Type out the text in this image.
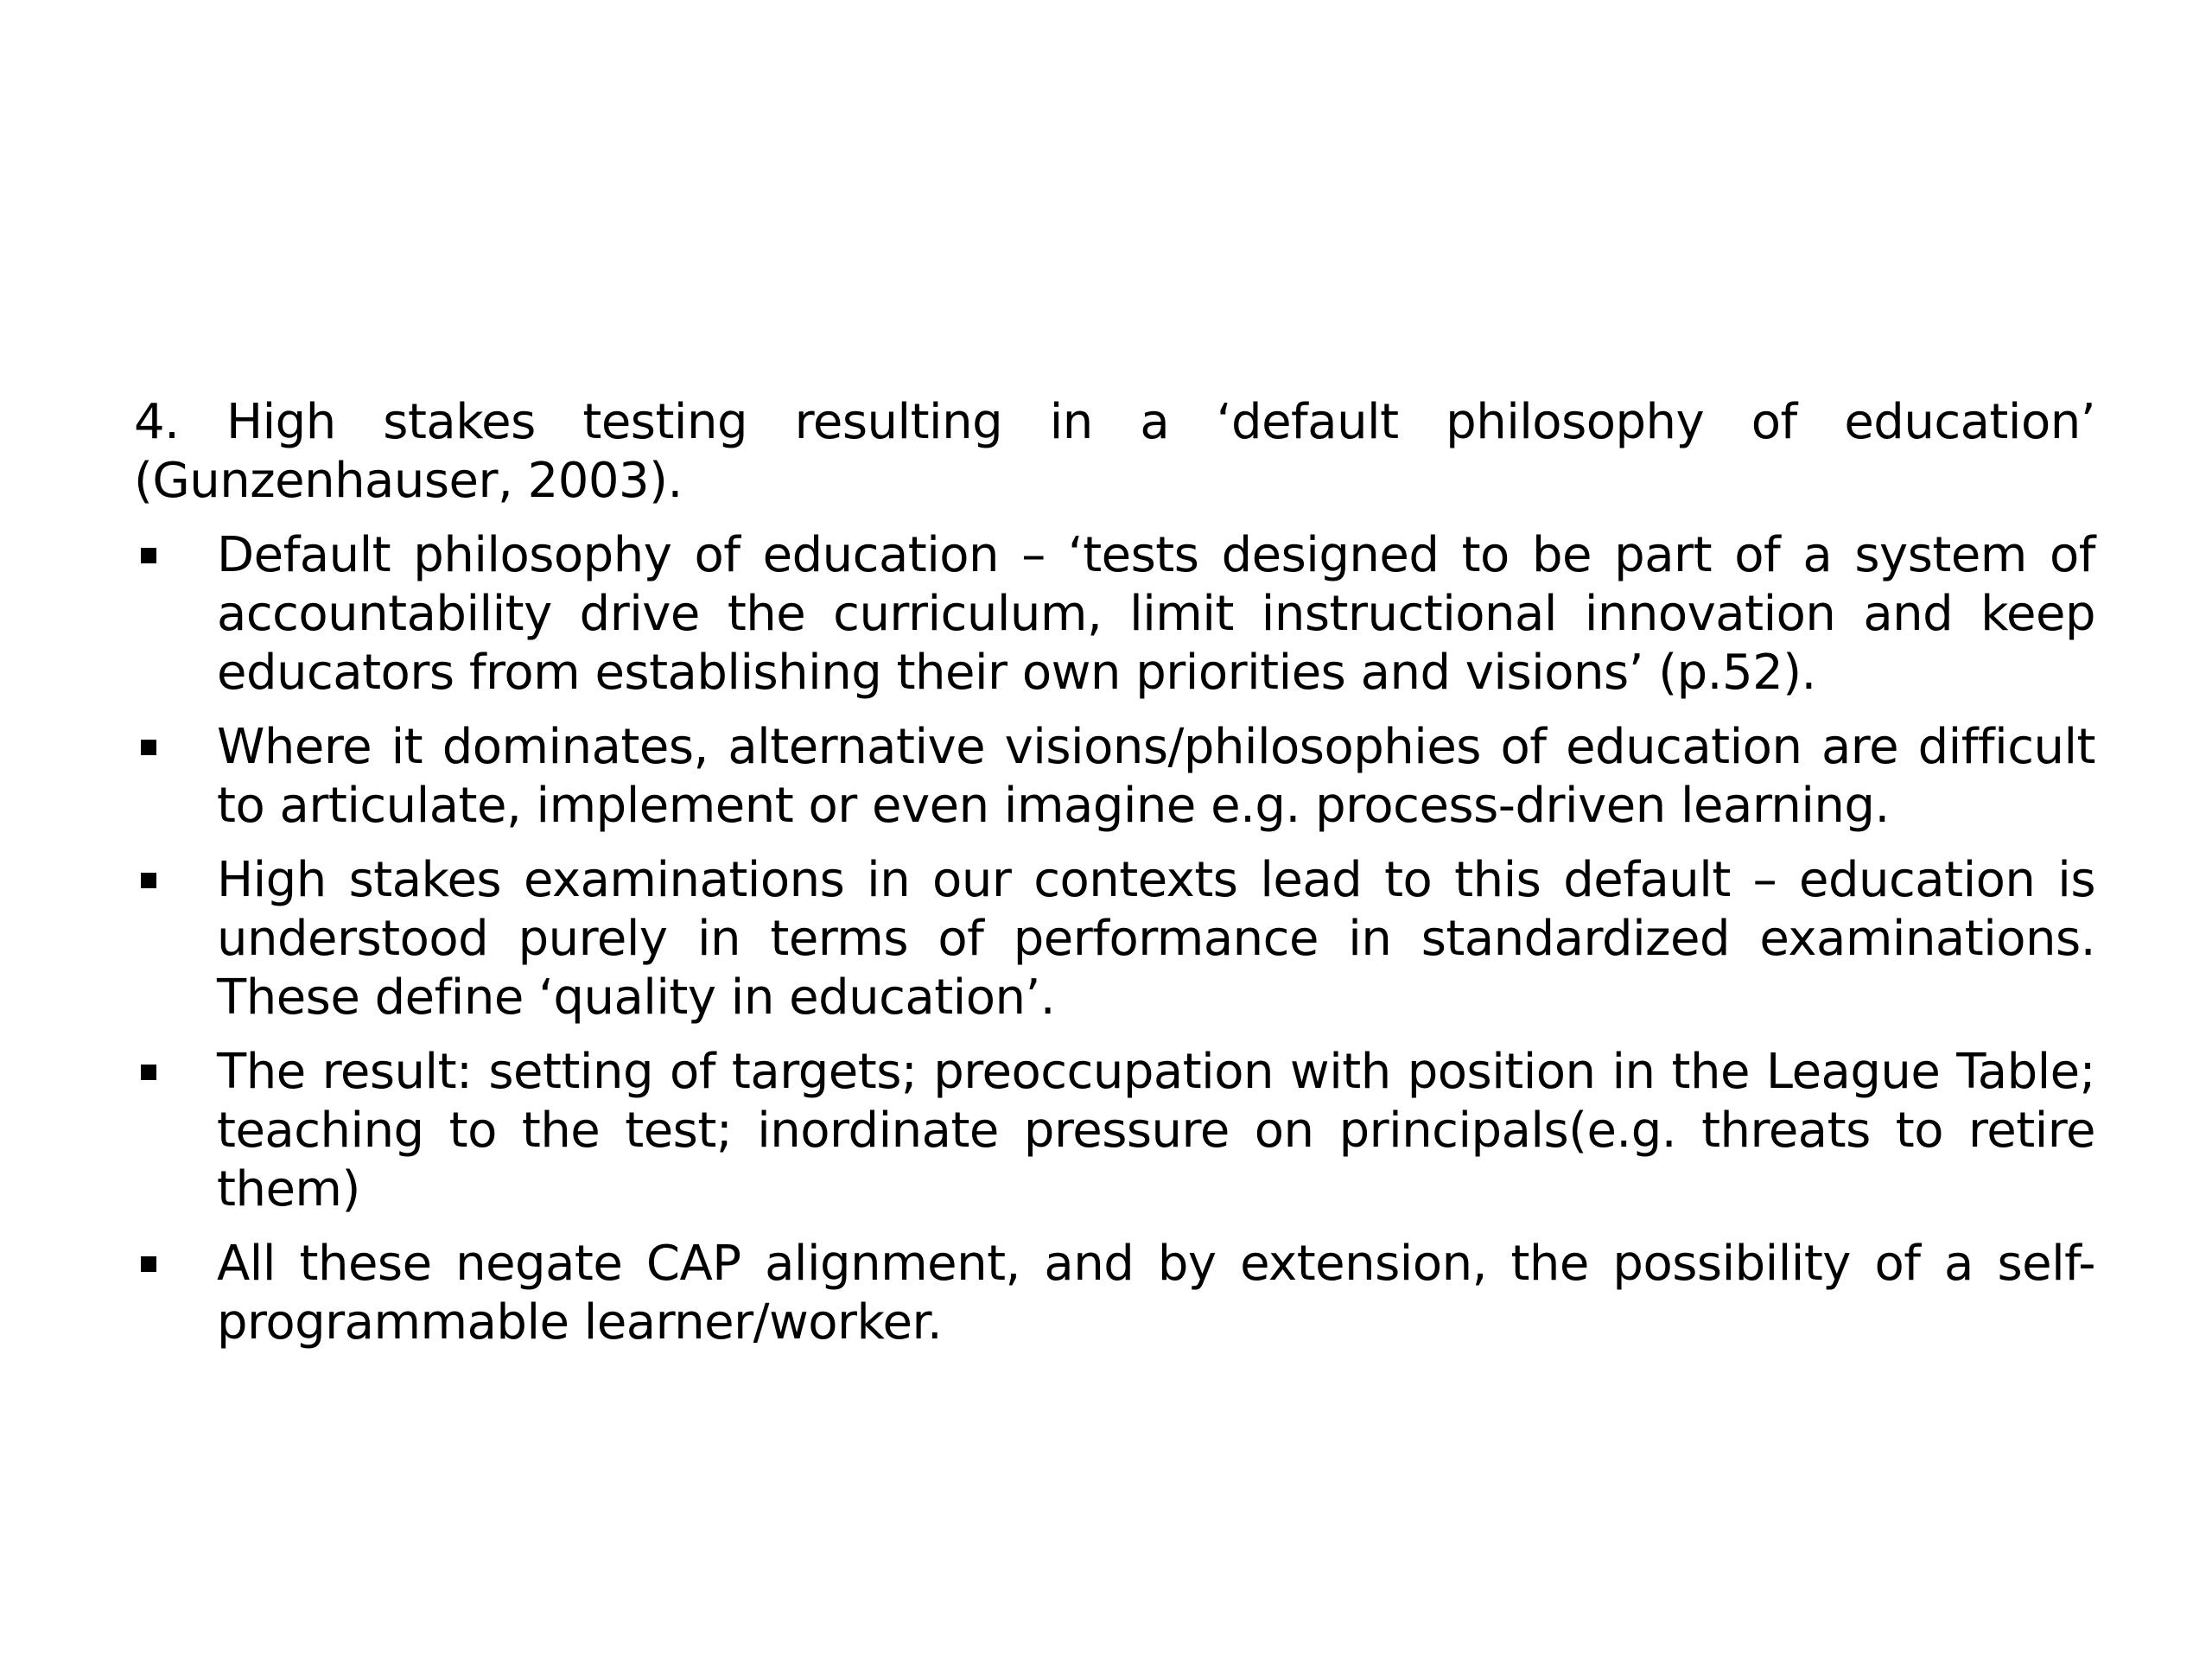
4. High stakes testing resulting in a ‘default philosophy of education’ (Gunzenhauser, 2003).

Default philosophy of education – ‘tests designed to be part of a system of accountability drive the curriculum, limit instructional innovation and keep educators from establishing their own priorities and visions’ (p.52).
Where it dominates, alternative visions/philosophies of education are difficult to articulate, implement or even imagine e.g. process-driven learning.
High stakes examinations in our contexts lead to this default – education is understood purely in terms of performance in standardized examinations. These define ‘quality in education’.
The result: setting of targets; preoccupation with position in the League Table; teaching to the test; inordinate pressure on principals(e.g. threats to retire them)
All these negate CAP alignment, and by extension, the possibility of a self-programmable learner/worker.
